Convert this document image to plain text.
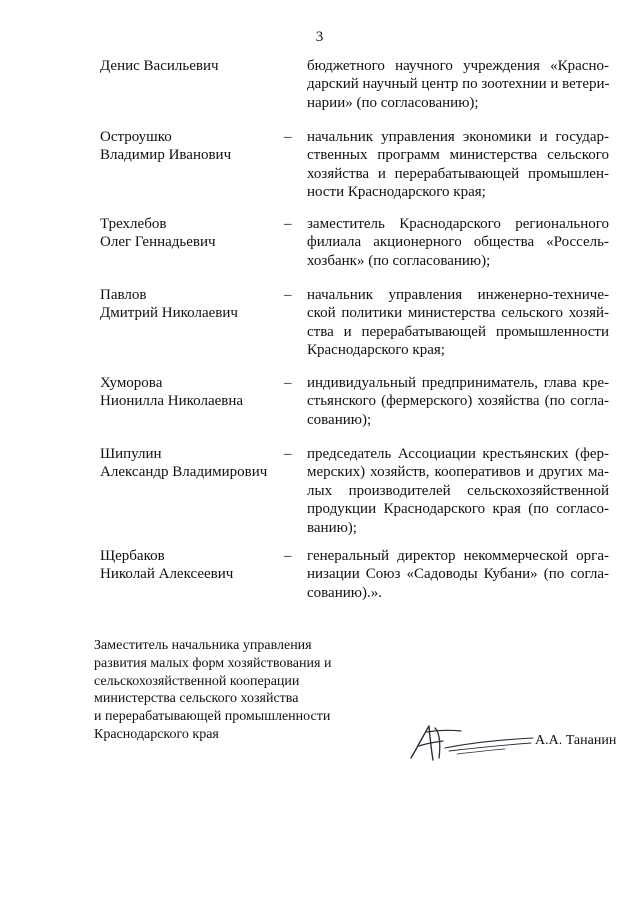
3
Денис Васильевич	бюджетного научного учреждения «Красно-
дарский научный центр по зоотехнии и ветери-
нарии» (по согласованию);
Остроушко
Владимир Иванович
– начальник управления экономики и государ-
ственных программ министерства сельского
хозяйства и перерабатывающей промышлен-
ности Краснодарского края;
Трехлебов
Олег Геннадьевич
– заместитель Краснодарского регионального
филиала акционерного общества «Россель-
хозбанк» (по согласованию);
Павлов
Дмитрий Николаевич
– начальник управления инженерно-техниче-
ской политики министерства сельского хозяй-
ства и перерабатывающей промышленности
Краснодарского края;
Хуморова
Нионилла Николаевна
– индивидуальный предприниматель, глава кре-
стьянского (фермерского) хозяйства (по согла-
сованию);
Шипулин
Александр Владимирович
– председатель Ассоциации крестьянских (фер-
мерских) хозяйств, кооперативов и других ма-
лых производителей сельскохозяйственной
продукции Краснодарского края (по согласо-
ванию);
Щербаков
Николай Алексеевич
– генеральный директор некоммерческой орга-
низации Союз «Садоводы Кубани» (по согла-
сованию).».
Заместитель начальника управления
развития малых форм хозяйствования и
сельскохозяйственной кооперации
министерства сельского хозяйства
и перерабатывающей промышленности
Краснодарского края	А.А. Тананин
